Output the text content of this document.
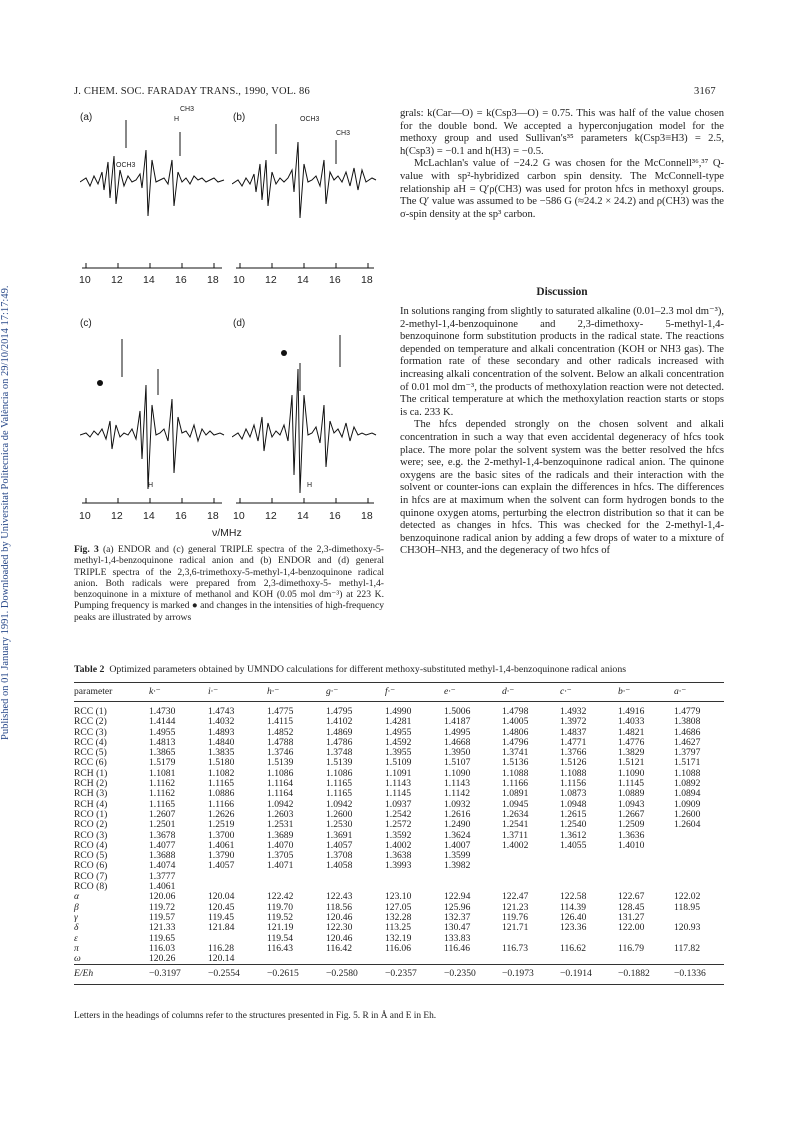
Published on 01 January 1991. Downloaded by Universitat Politecnica de València on 29/10/2014 17:17:49.
J. CHEM. SOC. FARADAY TRANS., 1990, VOL. 86	3167
(a)	(b)
(c)	(d)
CH3
H
OCH3
OCH3
CH3
H	H
10 12 14 16 18 10 12 14 16 18
10 12 14 16 18 10 12 14 16 18
ν/MHz
Fig. 3 (a) ENDOR and (c) general TRIPLE spectra of the 2,3-dimethoxy-5-methyl-1,4-benzoquinone radical anion and (b) ENDOR and (d) general TRIPLE spectra of the 2,3,6-trimethoxy-5-methyl-1,4-benzoquinone radical anion. Both radicals were prepared from 2,3-dimethoxy-5- methyl-1,4-benzoquinone in a mixture of methanol and KOH (0.05 mol dm⁻³) at 223 K. Pumping frequency is marked ● and changes in the intensities of high-frequency peaks are illustrated by arrows

grals: k(Car—O) = k(Csp3—O) = 0.75. This was half of the value chosen for the double bond. We accepted a hyperconjugation model for the methoxy group and used Sullivan's³⁵ parameters k(Csp3≡H3) = 2.5, h(Csp3) = −0.1 and h(H3) = −0.5.

McLachlan's value of −24.2 G was chosen for the McConnell³⁶,³⁷ Q-value with sp²-hybridized carbon spin density. The McConnell-type relationship aH = Q′ρ(CH3) was used for proton hfcs in methoxyl groups. The Q′ value was assumed to be −586 G (≈24.2 × 24.2) and ρ(CH3) was the σ-spin density at the sp³ carbon.

Discussion

In solutions ranging from slightly to saturated alkaline (0.01–2.3 mol dm⁻³), 2-methyl-1,4-benzoquinone and 2,3-dimethoxy- 5-methyl-1,4-benzoquinone form substitution products in the radical state. The reactions depended on temperature and alkali concentration (KOH or NH3 gas). The formation rate of these secondary and other radicals increased with increasing alkali concentration of the solvent. Below an alkali concentration of 0.01 mol dm⁻³, the products of methoxylation reaction were not detected. The critical temperature at which the methoxylation reaction starts or stops is ca. 233 K.

The hfcs depended strongly on the chosen solvent and alkali concentration in such a way that even accidental degeneracy of hfcs took place. The more polar the solvent system was the better resolved the hfcs were; see, e.g. the 2-methyl-1,4-benzoquinone radical anion. The quinone oxygens are the basic sites of the radicals and their interaction with the solvent or counter-ions can explain the differences in hfcs. The differences in hfcs are at maximum when the solvent can form hydrogen bonds to the quinone oxygen atoms, perturbing the electron distribution so that it can be detected as changes in hfcs. This was checked for the 2-methyl-1,4-benzoquinone radical anion by adding a few drops of water to a mixture of CH3OH–NH3, and the degeneracy of two hfcs of

Table 2 Optimized parameters obtained by UMNDO calculations for different methoxy-substituted methyl-1,4-benzoquinone radical anions
parameter	k·⁻	i·⁻	h·⁻	g·⁻	f·⁻	e·⁻	d·⁻	c·⁻	b·⁻	a·⁻
RCC (1)	1.4730	1.4743	1.4775	1.4795	1.4990	1.5006	1.4798	1.4932	1.4916	1.4779
RCC (2)	1.4144	1.4032	1.4115	1.4102	1.4281	1.4187	1.4005	1.3972	1.4033	1.3808
RCC (3)	1.4955	1.4893	1.4852	1.4869	1.4955	1.4995	1.4806	1.4837	1.4821	1.4686
RCC (4)	1.4813	1.4840	1.4788	1.4786	1.4592	1.4668	1.4796	1.4771	1.4776	1.4627
RCC (5)	1.3865	1.3835	1.3746	1.3748	1.3955	1.3950	1.3741	1.3766	1.3829	1.3797
RCC (6)	1.5179	1.5180	1.5139	1.5139	1.5109	1.5107	1.5136	1.5126	1.5121	1.5171
RCH (1)	1.1081	1.1082	1.1086	1.1086	1.1091	1.1090	1.1088	1.1088	1.1090	1.1088
RCH (2)	1.1162	1.1165	1.1164	1.1165	1.1143	1.1143	1.1166	1.1156	1.1145	1.0892
RCH (3)	1.1162	1.0886	1.1164	1.1165	1.1145	1.1142	1.0891	1.0873	1.0889	1.0894
RCH (4)	1.1165	1.1166	1.0942	1.0942	1.0937	1.0932	1.0945	1.0948	1.0943	1.0909
RCO (1)	1.2607	1.2626	1.2603	1.2600	1.2542	1.2616	1.2634	1.2615	1.2667	1.2600
RCO (2)	1.2501	1.2519	1.2531	1.2530	1.2572	1.2490	1.2541	1.2540	1.2509	1.2604
RCO (3)	1.3678	1.3700	1.3689	1.3691	1.3592	1.3624	1.3711	1.3612	1.3636	
RCO (4)	1.4077	1.4061	1.4070	1.4057	1.4002	1.4007	1.4002	1.4055	1.4010	
RCO (5)	1.3688	1.3790	1.3705	1.3708	1.3638	1.3599				
RCO (6)	1.4074	1.4057	1.4071	1.4058	1.3993	1.3982				
RCO (7)	1.3777									
RCO (8)	1.4061									
α	120.06	120.04	122.42	122.43	123.10	122.94	122.47	122.58	122.67	122.02
β	119.72	120.45	119.70	118.56	127.05	125.96	121.23	114.39	128.45	118.95
γ	119.57	119.45	119.52	120.46	132.28	132.37	119.76	126.40	131.27	
δ	121.33	121.84	121.19	122.30	113.25	130.47	121.71	123.36	122.00	120.93
ε	119.65		119.54	120.46	132.19	133.83				
π	116.03	116.28	116.43	116.42	116.06	116.46	116.73	116.62	116.79	117.82
ω	120.26	120.14								
E/Eh	−0.3197	−0.2554	−0.2615	−0.2580	−0.2357	−0.2350	−0.1973	−0.1914	−0.1882	−0.1336
Letters in the headings of columns refer to the structures presented in Fig. 5. R in Å and E in Eh.
